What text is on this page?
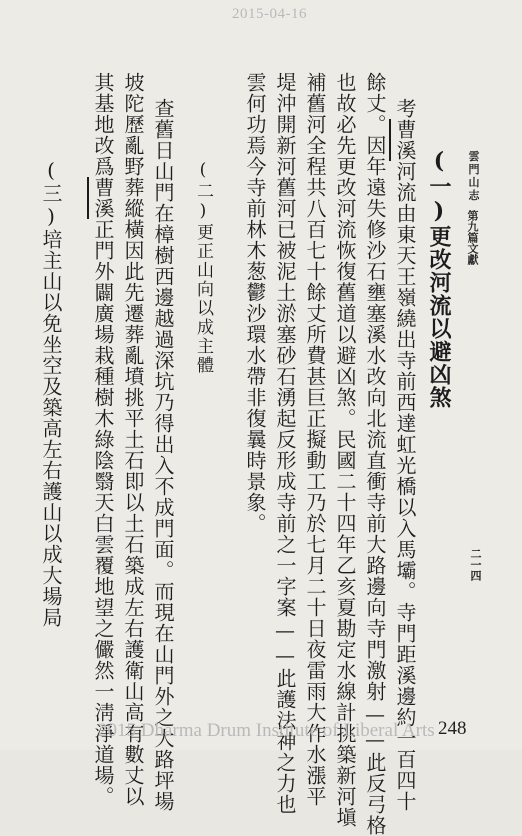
2015-04-16
雲
門
山
志
第九篇
文獻
二一四
(一)更改河流以避凶煞
考曹溪河流由東天王嶺繞出寺前西達虹光橋以入馬壩。寺門距溪邊約一百四十
餘丈。因年遠失修沙石壅塞溪水改向北流直衝寺前大路邊向寺門激射——此反弓格
也故必先更改河流恢復舊道以避凶煞。民國二十四年乙亥夏勘定水線計挑築新河塡
補舊河全程共八百七十餘丈所費甚巨正擬動工乃於七月二十日夜雷雨大作水漲平
堤沖開新河舊河已被泥土淤塞砂石湧起反形成寺前之一字案——此護法神之力也
雲何功焉今寺前林木葱鬱沙環水帶非復曩時景象。
(二)更正山向以成主體
查舊日山門在樟樹西邊越過深坑乃得出入不成門面。而現在山門外之大路坪場
坡陀歷亂野葬縱橫因此先遷葬亂墳挑平土石即以土石築成左右護衛山高有數丈以
其基地改爲曹溪正門外闢廣場栽種樹木綠陰翳天白雲覆地望之儼然一淸淨道場。
(三)培主山以免坐空及築高左右護山以成大場局
2015 Dharma Drum Institute of Liberal Arts 248
